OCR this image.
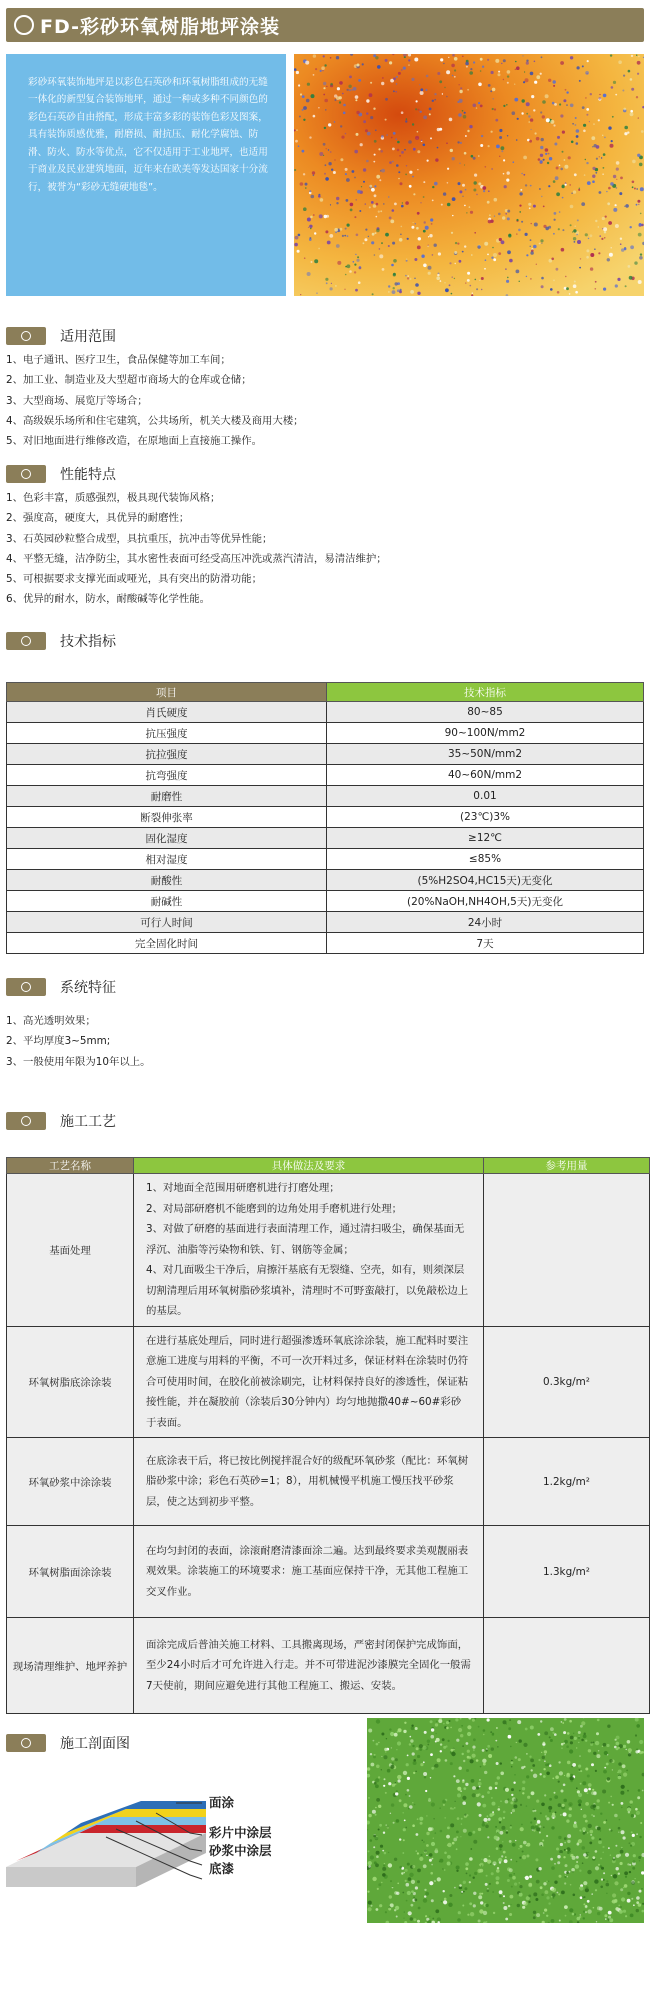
FD-彩砂环氧树脂地坪涂装
彩砂环氧装饰地坪是以彩色石英砂和环氧树脂组成的无缝一体化的新型复合装饰地坪，通过一种或多种不同颜色的彩色石英砂自由搭配，形成丰富多彩的装饰色彩及图案，具有装饰质感优雅，耐磨损、耐抗压、耐化学腐蚀、防滑、防火、防水等优点，它不仅适用于工业地坪，也适用于商业及民业建筑地面，近年来在欧美等发达国家十分流行，被誉为“彩砂无缝硬地毯”。
适用范围
1、电子通讯、医疗卫生，食品保健等加工车间；
2、加工业、制造业及大型超市商场大的仓库或仓储；
3、大型商场、展览厅等场合；
4、高级娱乐场所和住宅建筑，公共场所，机关大楼及商用大楼；
5、对旧地面进行维修改造，在原地面上直接施工操作。
性能特点
1、色彩丰富，质感强烈，极具现代装饰风格；
2、强度高，硬度大，具优异的耐磨性；
3、石英园砂粒整合成型，具抗重压，抗冲击等优异性能；
4、平整无缝，洁净防尘，其水密性表面可经受高压冲洗或蒸汽清洁，易清洁维护；
5、可根据要求支撑光面或哑光，具有突出的防滑功能；
6、优异的耐水，防水，耐酸碱等化学性能。
技术指标
项目	技术指标
肖氏硬度	80~85
抗压强度	90~100N/mm2
抗拉强度	35~50N/mm2
抗弯强度	40~60N/mm2
耐磨性	0.01
断裂伸张率	(23℃)3%
固化湿度	≥12℃
相对湿度	≤85%
耐酸性	(5%H2SO4,HC15天)无变化
耐碱性	(20%NaOH,NH4OH,5天)无变化
可行人时间	24小时
完全固化时间	7天
系统特征
1、高光透明效果；
2、平均厚度3~5mm;
3、一般使用年限为10年以上。
施工工艺
工艺名称	具体做法及要求	参考用量
基面处理	1、对地面全范围用研磨机进行打磨处理；
2、对局部研磨机不能磨到的边角处用手磨机进行处理；
3、对做了研磨的基面进行表面清理工作，通过清扫吸尘，确保基面无浮沉、油脂等污染物和铁、钉、钢筋等金属；
4、对几面吸尘干净后，肩擦汗基底有无裂缝、空壳，如有，则须深层切割清理后用环氧树脂砂浆填补，清理时不可野蛮敲打，以免敲松边上的基层。	

环氧树脂底涂涂装	在进行基底处理后，同时进行超强渗透环氧底涂涂装，施工配料时要注意施工进度与用料的平衡，不可一次开料过多，保证材料在涂装时仍符合可使用时间，在胶化前被涂刷完，让材料保持良好的渗透性，保证粘接性能，并在凝胶前（涂装后30分钟内）均匀地抛撒40#~60#彩砂于表面。	0.3kg/m²
环氧砂浆中涂涂装	在底涂表干后，将已按比例搅拌混合好的级配环氧砂浆（配比：环氧树脂砂浆中涂；彩色石英砂=1；8），用机械慢平机施工慢压找平砂浆层，使之达到初步平整。	1.2kg/m²
环氧树脂面涂涂装	在均匀封闭的表面，涂滚耐磨清漆面涂二遍。达到最终要求美观靓丽表观效果。涂装施工的环境要求：施工基面应保持干净，无其他工程施工交叉作业。	1.3kg/m²
现场清理维护、地坪养护	面涂完成后普油关施工材料、工具搬离现场，严密封闭保护完成饰面，至少24小时后才可允许进入行走。并不可带进泥沙漆膜完全固化一般需7天使前，期间应避免进行其他工程施工、搬运、安装。	

施工剖面图
面涂
彩片中涂层
砂浆中涂层
底漆
